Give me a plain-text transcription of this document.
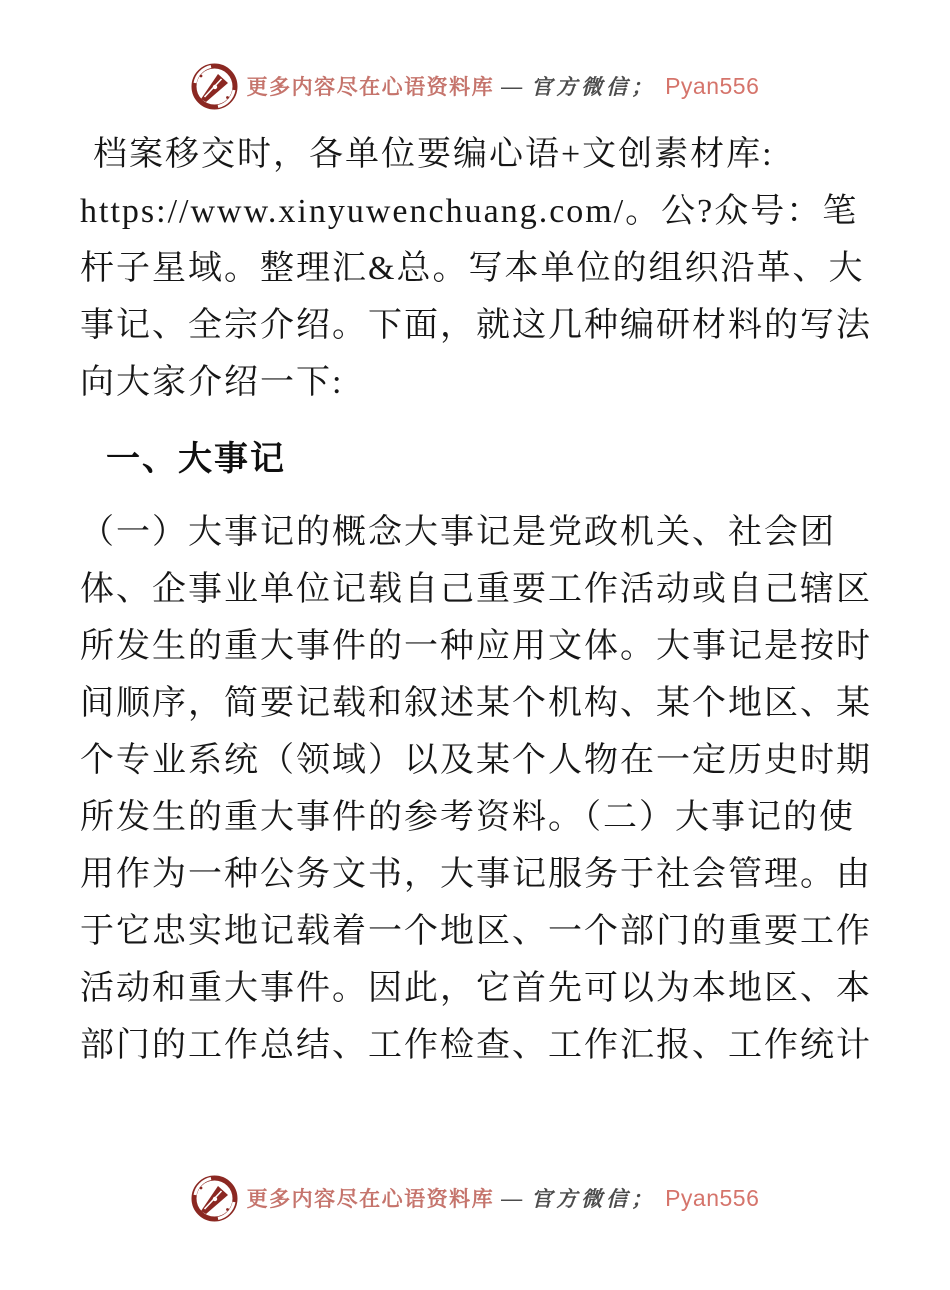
更多内容尽在心语资料库 — 官方微信； Pyan556
档案移交时，各单位要编心语+文创素材库:
https://www.xinyuwenchuang.com/。公?众号：笔
杆子星域。整理汇&总。写本单位的组织沿革、大
事记、全宗介绍。下面，就这几种编研材料的写法
向大家介绍一下:
一、大事记
（一）大事记的概念大事记是党政机关、社会团
体、企事业单位记载自己重要工作活动或自己辖区
所发生的重大事件的一种应用文体。大事记是按时
间顺序，简要记载和叙述某个机构、某个地区、某
个专业系统（领域）以及某个人物在一定历史时期
所发生的重大事件的参考资料。（二）大事记的使
用作为一种公务文书，大事记服务于社会管理。由
于它忠实地记载着一个地区、一个部门的重要工作
活动和重大事件。因此，它首先可以为本地区、本
部门的工作总结、工作检查、工作汇报、工作统计
更多内容尽在心语资料库 — 官方微信； Pyan556
